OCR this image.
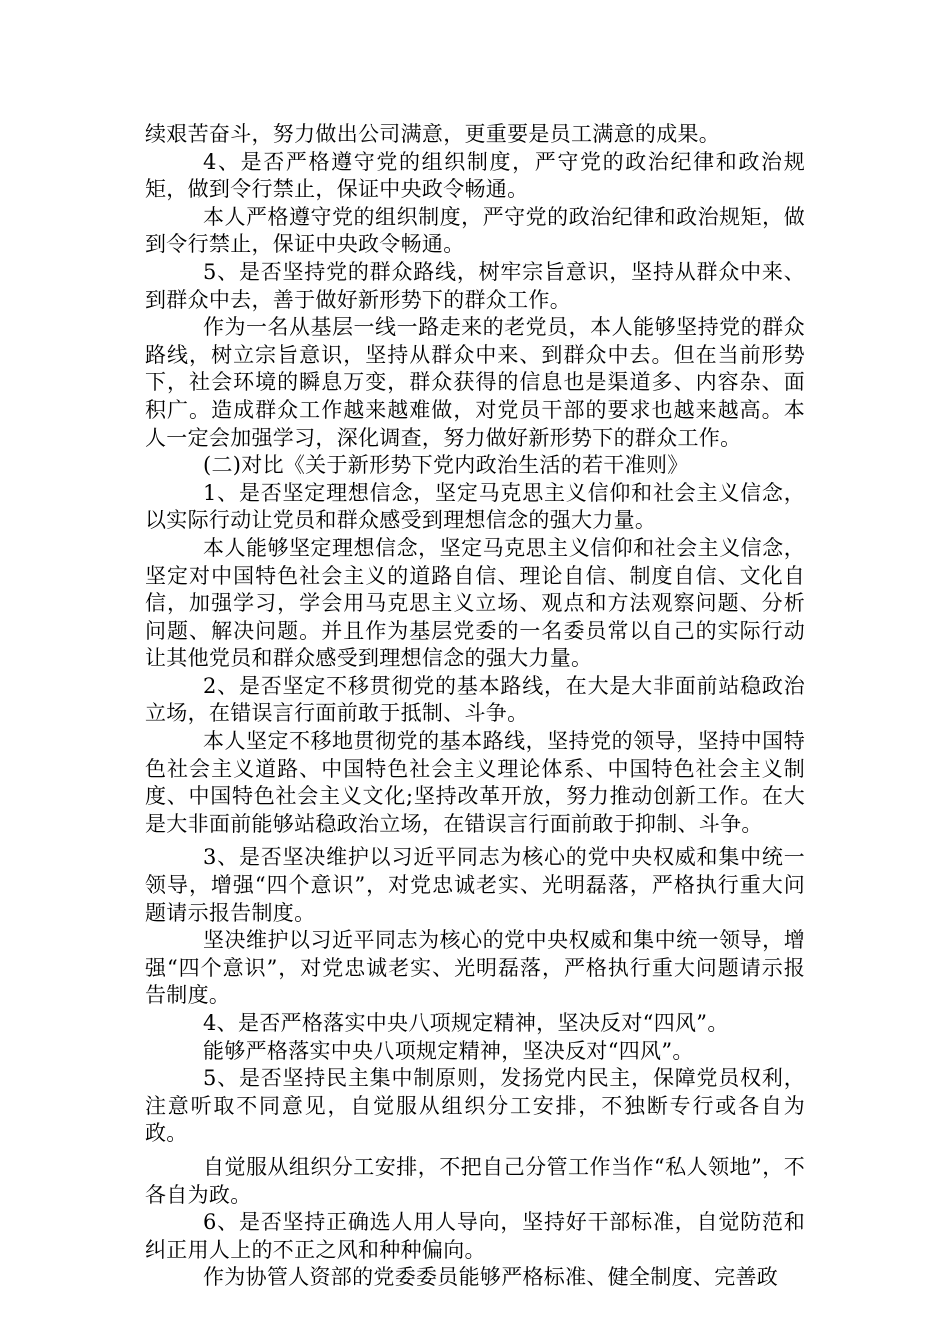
续艰苦奋斗，努力做出公司满意，更重要是员工满意的成果。

4、是否严格遵守党的组织制度，严守党的政治纪律和政治规矩，做到令行禁止，保证中央政令畅通。

本人严格遵守党的组织制度，严守党的政治纪律和政治规矩，做到令行禁止，保证中央政令畅通。

5、是否坚持党的群众路线，树牢宗旨意识，坚持从群众中来、到群众中去，善于做好新形势下的群众工作。

作为一名从基层一线一路走来的老党员，本人能够坚持党的群众路线，树立宗旨意识，坚持从群众中来、到群众中去。但在当前形势下，社会环境的瞬息万变，群众获得的信息也是渠道多、内容杂、面积广。造成群众工作越来越难做，对党员干部的要求也越来越高。本人一定会加强学习，深化调查，努力做好新形势下的群众工作。

(二)对比《关于新形势下党内政治生活的若干准则》

1、是否坚定理想信念，坚定马克思主义信仰和社会主义信念，以实际行动让党员和群众感受到理想信念的强大力量。

本人能够坚定理想信念，坚定马克思主义信仰和社会主义信念，坚定对中国特色社会主义的道路自信、理论自信、制度自信、文化自信，加强学习，学会用马克思主义立场、观点和方法观察问题、分析问题、解决问题。并且作为基层党委的一名委员常以自己的实际行动让其他党员和群众感受到理想信念的强大力量。

2、是否坚定不移贯彻党的基本路线，在大是大非面前站稳政治立场，在错误言行面前敢于抵制、斗争。

本人坚定不移地贯彻党的基本路线，坚持党的领导，坚持中国特色社会主义道路、中国特色社会主义理论体系、中国特色社会主义制度、中国特色社会主义文化;坚持改革开放，努力推动创新工作。在大是大非面前能够站稳政治立场，在错误言行面前敢于抑制、斗争。

3、是否坚决维护以习近平同志为核心的党中央权威和集中统一领导，增强“四个意识”，对党忠诚老实、光明磊落，严格执行重大问题请示报告制度。

坚决维护以习近平同志为核心的党中央权威和集中统一领导，增强“四个意识”，对党忠诚老实、光明磊落，严格执行重大问题请示报告制度。

4、是否严格落实中央八项规定精神，坚决反对“四风”。

能够严格落实中央八项规定精神，坚决反对“四风”。

5、是否坚持民主集中制原则，发扬党内民主，保障党员权利，注意听取不同意见，自觉服从组织分工安排，不独断专行或各自为政。

自觉服从组织分工安排，不把自己分管工作当作“私人领地”，不各自为政。

6、是否坚持正确选人用人导向，坚持好干部标准，自觉防范和纠正用人上的不正之风和种种偏向。

作为协管人资部的党委委员能够严格标准、健全制度、完善政
